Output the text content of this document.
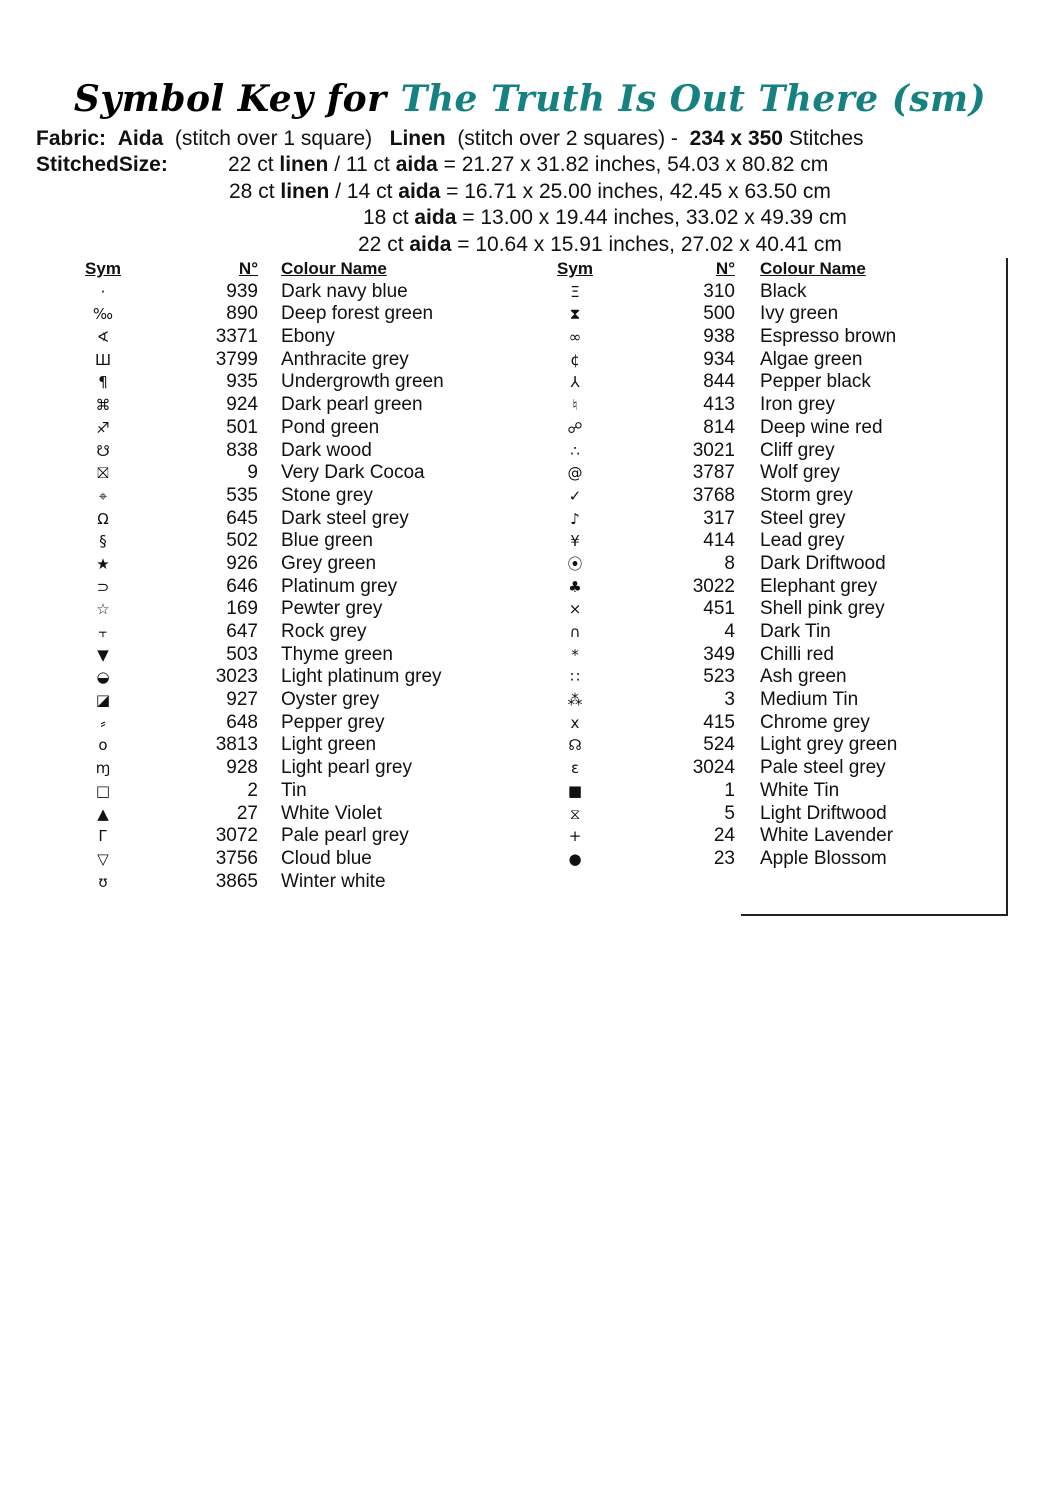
Symbol Key for The Truth Is Out There (sm)
Fabric: Aida (stitch over 1 square) Linen (stitch over 2 squares) - 234 x 350 Stitches
StitchedSize:	22 ct linen / 11 ct aida = 21.27 x 31.82 inches, 54.03 x 80.82 cm
28 ct linen / 14 ct aida = 16.71 x 25.00 inches, 42.45 x 63.50 cm
18 ct aida = 13.00 x 19.44 inches, 33.02 x 49.39 cm
22 ct aida = 10.64 x 15.91 inches, 27.02 x 40.41 cm
Sym	N° Colour Name
·	939 Dark navy blue
‰	890 Deep forest green
∢	3371 Ebony
Ш	3799 Anthracite grey
¶	935 Undergrowth green
⌘	924 Dark pearl green
♐	501 Pond green
☋	838 Dark wood
⛝	9 Very Dark Cocoa
⌖	535 Stone grey
Ω	645 Dark steel grey
§	502 Blue green
★	926 Grey green
⊃	646 Platinum grey
☆	169 Pewter grey
⫟	647 Rock grey
▼	503 Thyme green
◒	3023 Light platinum grey
◪	927 Oyster grey
⸗	648 Pepper grey
o	3813 Light green
ɱ	928 Light pearl grey
□	2 Tin
▲	27 White Violet
Г	3072 Pale pearl grey
▽	3756 Cloud blue
ʊ	3865 Winter white
Sym	N° Colour Name
Ξ	310 Black
⧗	500 Ivy green
∞	938 Espresso brown
¢	934 Algae green
⅄	844 Pepper black
♮	413 Iron grey
☍	814 Deep wine red
∴	3021 Cliff grey
@	3787 Wolf grey
✓	3768 Storm grey
♪	317 Steel grey
¥	414 Lead grey
⦿	8 Dark Driftwood
♣	3022 Elephant grey
⨯	451 Shell pink grey
∩	4 Dark Tin
*	349 Chilli red
∷	523 Ash green
⁂	3 Medium Tin
x	415 Chrome grey
☊	524 Light grey green
ɛ	3024 Pale steel grey
■	1 White Tin
⧖	5 Light Driftwood
+	24 White Lavender
●	23 Apple Blossom
